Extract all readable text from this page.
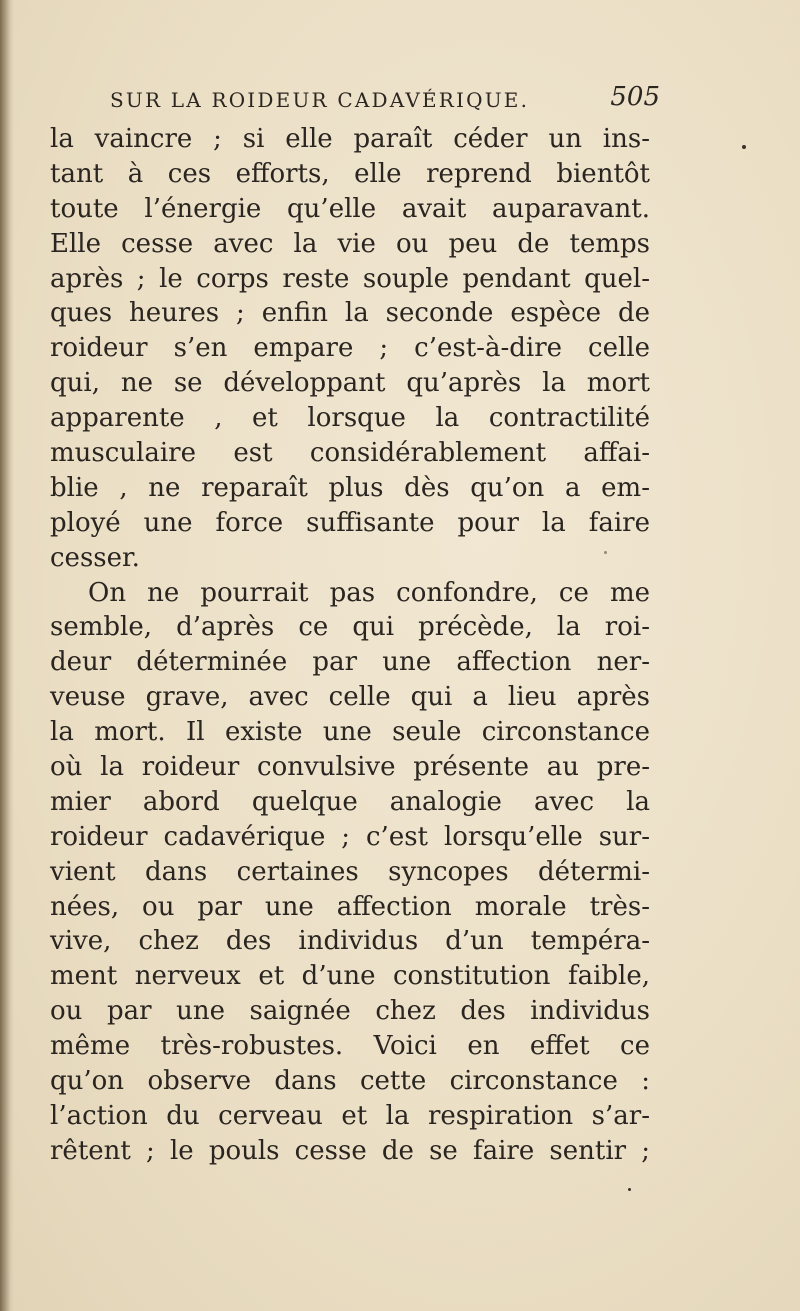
SUR LA ROIDEUR CADAVÉRIQUE.	505
la vaincre ; si elle paraît céder un ins-
tant à ces efforts, elle reprend bientôt
toute l’énergie qu’elle avait auparavant.
Elle cesse avec la vie ou peu de temps
après ; le corps reste souple pendant quel-
ques heures ; enfin la seconde espèce de
roideur s’en empare ; c’est-à-dire celle
qui, ne se développant qu’après la mort
apparente , et lorsque la contractilité
musculaire est considérablement affai-
blie , ne reparaît plus dès qu’on a em-
ployé une force suffisante pour la faire
cesser.
On ne pourrait pas confondre, ce me
semble, d’après ce qui précède, la roi-
deur déterminée par une affection ner-
veuse grave, avec celle qui a lieu après
la mort. Il existe une seule circonstance
où la roideur convulsive présente au pre-
mier abord quelque analogie avec la
roideur cadavérique ; c’est lorsqu’elle sur-
vient dans certaines syncopes détermi-
nées, ou par une affection morale très-
vive, chez des individus d’un tempéra-
ment nerveux et d’une constitution faible,
ou par une saignée chez des individus
même très-robustes. Voici en effet ce
qu’on observe dans cette circonstance :
l’action du cerveau et la respiration s’ar-
rêtent ; le pouls cesse de se faire sentir ;
